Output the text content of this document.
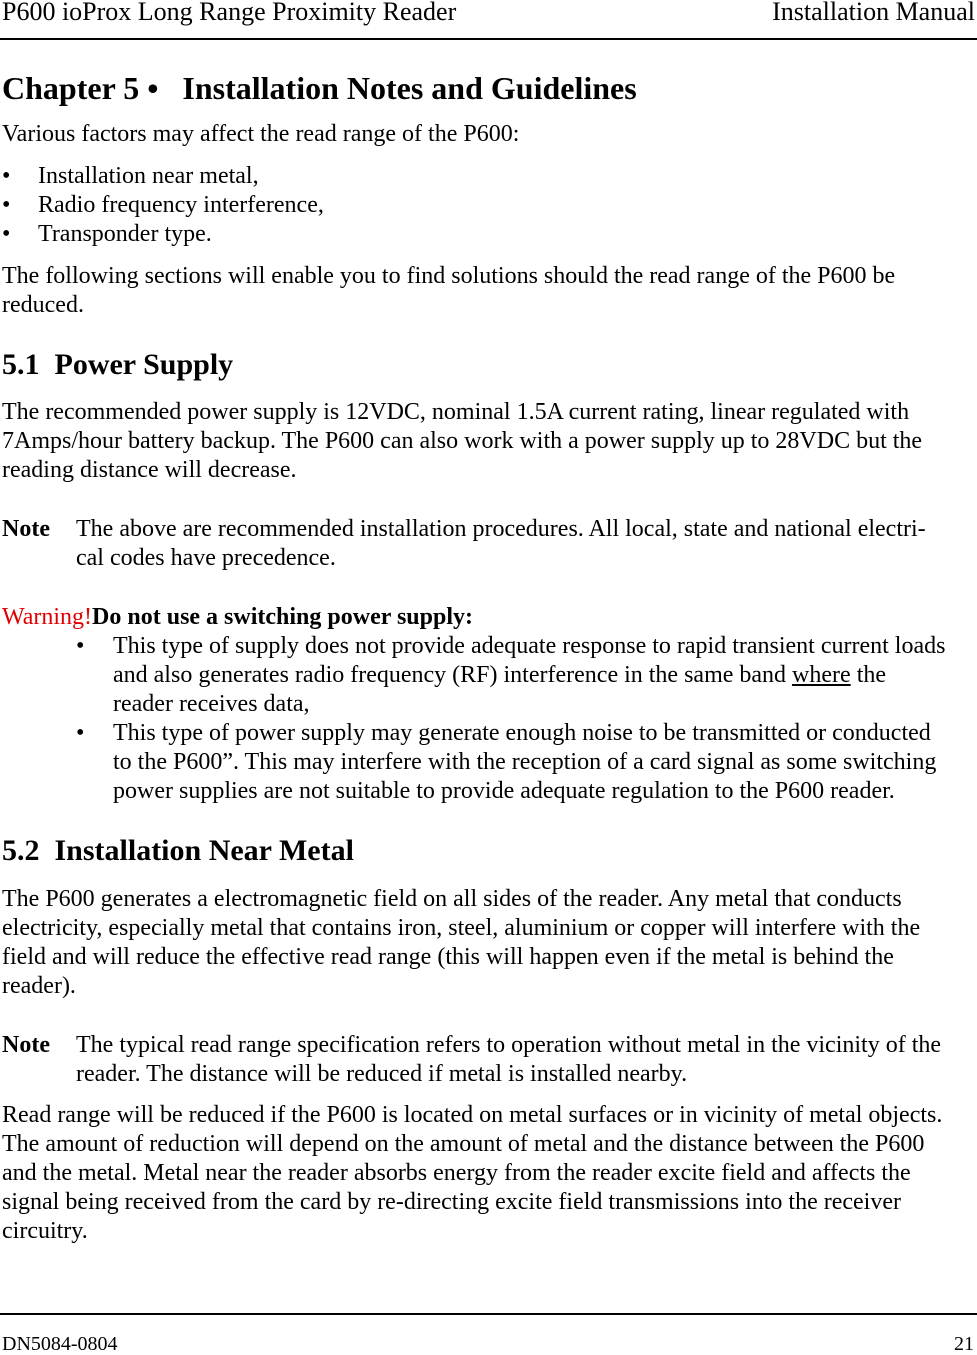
P600 ioProx Long Range Proximity Reader	Installation Manual
Chapter 5 • Installation Notes and Guidelines
Various factors may affect the read range of the P600:
• Installation near metal,
• Radio frequency interference,
• Transponder type.
The following sections will enable you to find solutions should the read range of the P600 be
reduced.
5.1 Power Supply
The recommended power supply is 12VDC, nominal 1.5A current rating, linear regulated with
7Amps/hour battery backup. The P600 can also work with a power supply up to 28VDC but the
reading distance will decrease.
Note The above are recommended installation procedures. All local, state and national electri-
cal codes have precedence.
Warning!Do not use a switching power supply:
• This type of supply does not provide adequate response to rapid transient current loads
and also generates radio frequency (RF) interference in the same band where the
reader receives data,
• This type of power supply may generate enough noise to be transmitted or conducted
to the P600”. This may interfere with the reception of a card signal as some switching
power supplies are not suitable to provide adequate regulation to the P600 reader.
5.2 Installation Near Metal
The P600 generates a electromagnetic field on all sides of the reader. Any metal that conducts
electricity, especially metal that contains iron, steel, aluminium or copper will interfere with the
field and will reduce the effective read range (this will happen even if the metal is behind the
reader).
Note The typical read range specification refers to operation without metal in the vicinity of the
reader. The distance will be reduced if metal is installed nearby.
Read range will be reduced if the P600 is located on metal surfaces or in vicinity of metal objects.
The amount of reduction will depend on the amount of metal and the distance between the P600
and the metal. Metal near the reader absorbs energy from the reader excite field and affects the
signal being received from the card by re-directing excite field transmissions into the receiver
circuitry.
DN5084-0804	21
